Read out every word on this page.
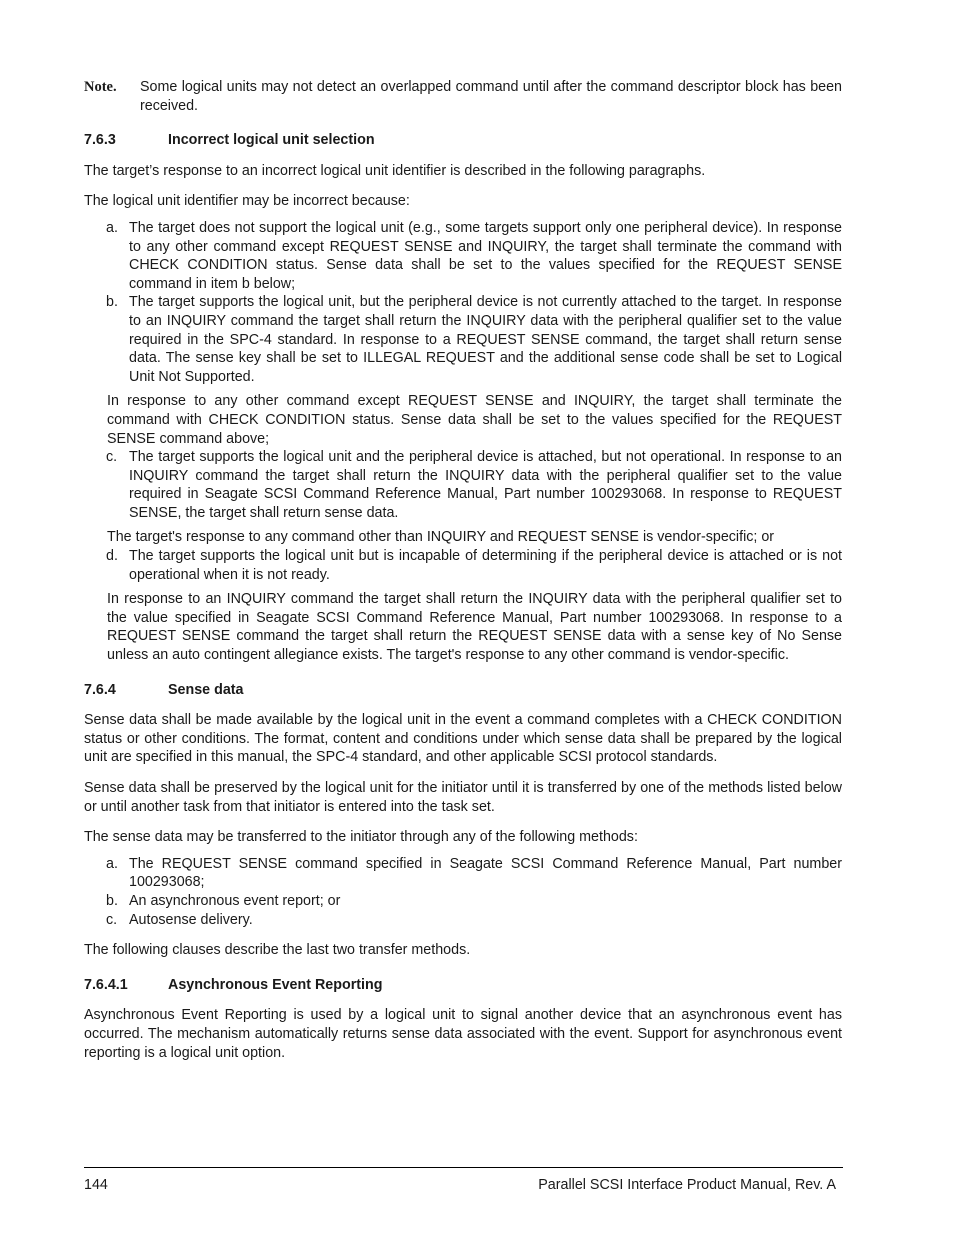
Note.	Some logical units may not detect an overlapped command until after the command descriptor block has been received.
7.6.3	Incorrect logical unit selection

The target’s response to an incorrect logical unit identifier is described in the following paragraphs.

The logical unit identifier may be incorrect because:

a. The target does not support the logical unit (e.g., some targets support only one peripheral device). In response to any other command except REQUEST SENSE and INQUIRY, the target shall terminate the command with CHECK CONDITION status. Sense data shall be set to the values specified for the REQUEST SENSE command in item b below;
b. The target supports the logical unit, but the peripheral device is not currently attached to the target. In response to an INQUIRY command the target shall return the INQUIRY data with the peripheral qualifier set to the value required in the SPC-4 standard. In response to a REQUEST SENSE command, the target shall return sense data. The sense key shall be set to ILLEGAL REQUEST and the additional sense code shall be set to Logical Unit Not Supported.

In response to any other command except REQUEST SENSE and INQUIRY, the target shall terminate the command with CHECK CONDITION status. Sense data shall be set to the values specified for the REQUEST SENSE command above;

c. The target supports the logical unit and the peripheral device is attached, but not operational. In response to an INQUIRY command the target shall return the INQUIRY data with the peripheral qualifier set to the value required in Seagate SCSI Command Reference Manual, Part number 100293068. In response to REQUEST SENSE, the target shall return sense data.

The target's response to any command other than INQUIRY and REQUEST SENSE is vendor-specific; or

d. The target supports the logical unit but is incapable of determining if the peripheral device is attached or is not operational when it is not ready.

In response to an INQUIRY command the target shall return the INQUIRY data with the peripheral qualifier set to the value specified in Seagate SCSI Command Reference Manual, Part number 100293068. In response to a REQUEST SENSE command the target shall return the REQUEST SENSE data with a sense key of No Sense unless an auto contingent allegiance exists. The target's response to any other command is vendor-specific.

7.6.4	Sense data

Sense data shall be made available by the logical unit in the event a command completes with a CHECK CONDITION status or other conditions. The format, content and conditions under which sense data shall be prepared by the logical unit are specified in this manual, the SPC-4 standard, and other applicable SCSI protocol standards.

Sense data shall be preserved by the logical unit for the initiator until it is transferred by one of the methods listed below or until another task from that initiator is entered into the task set.

The sense data may be transferred to the initiator through any of the following methods:

a. The REQUEST SENSE command specified in Seagate SCSI Command Reference Manual, Part number 100293068;
b. An asynchronous event report; or
c. Autosense delivery.

The following clauses describe the last two transfer methods.

7.6.4.1	Asynchronous Event Reporting

Asynchronous Event Reporting is used by a logical unit to signal another device that an asynchronous event has occurred. The mechanism automatically returns sense data associated with the event. Support for asynchronous event reporting is a logical unit option.

144	Parallel SCSI Interface Product Manual, Rev. A
